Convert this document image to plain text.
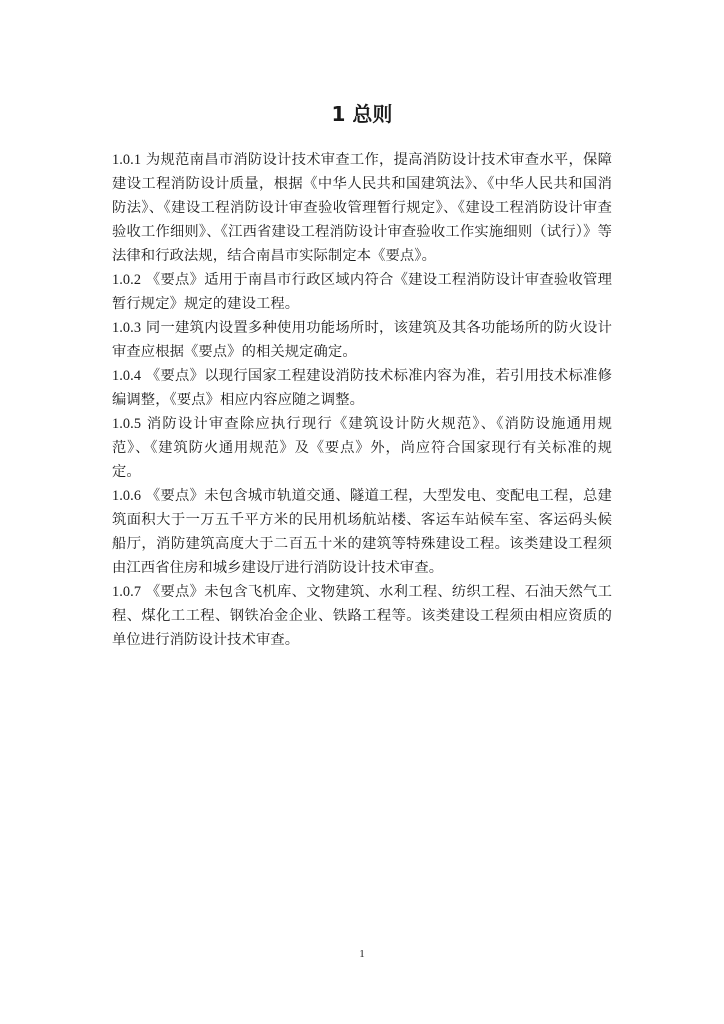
1 总则

1.0.1 为规范南昌市消防设计技术审查工作，提高消防设计技术审查水平，保障建设工程消防设计质量，根据《中华人民共和国建筑法》、《中华人民共和国消防法》、《建设工程消防设计审查验收管理暂行规定》、《建设工程消防设计审查验收工作细则》、《江西省建设工程消防设计审查验收工作实施细则（试行）》等法律和行政法规，结合南昌市实际制定本《要点》。

1.0.2 《要点》适用于南昌市行政区域内符合《建设工程消防设计审查验收管理暂行规定》规定的建设工程。

1.0.3 同一建筑内设置多种使用功能场所时，该建筑及其各功能场所的防火设计审查应根据《要点》的相关规定确定。

1.0.4 《要点》以现行国家工程建设消防技术标准内容为准，若引用技术标准修编调整，《要点》相应内容应随之调整。

1.0.5 消防设计审查除应执行现行《建筑设计防火规范》、《消防设施通用规范》、《建筑防火通用规范》及《要点》外，尚应符合国家现行有关标准的规定。

1.0.6 《要点》未包含城市轨道交通、隧道工程，大型发电、变配电工程，总建筑面积大于一万五千平方米的民用机场航站楼、客运车站候车室、客运码头候船厅，消防建筑高度大于二百五十米的建筑等特殊建设工程。该类建设工程须由江西省住房和城乡建设厅进行消防设计技术审查。

1.0.7 《要点》未包含飞机库、文物建筑、水利工程、纺织工程、石油天然气工程、煤化工工程、钢铁冶金企业、铁路工程等。该类建设工程须由相应资质的单位进行消防设计技术审查。

1
